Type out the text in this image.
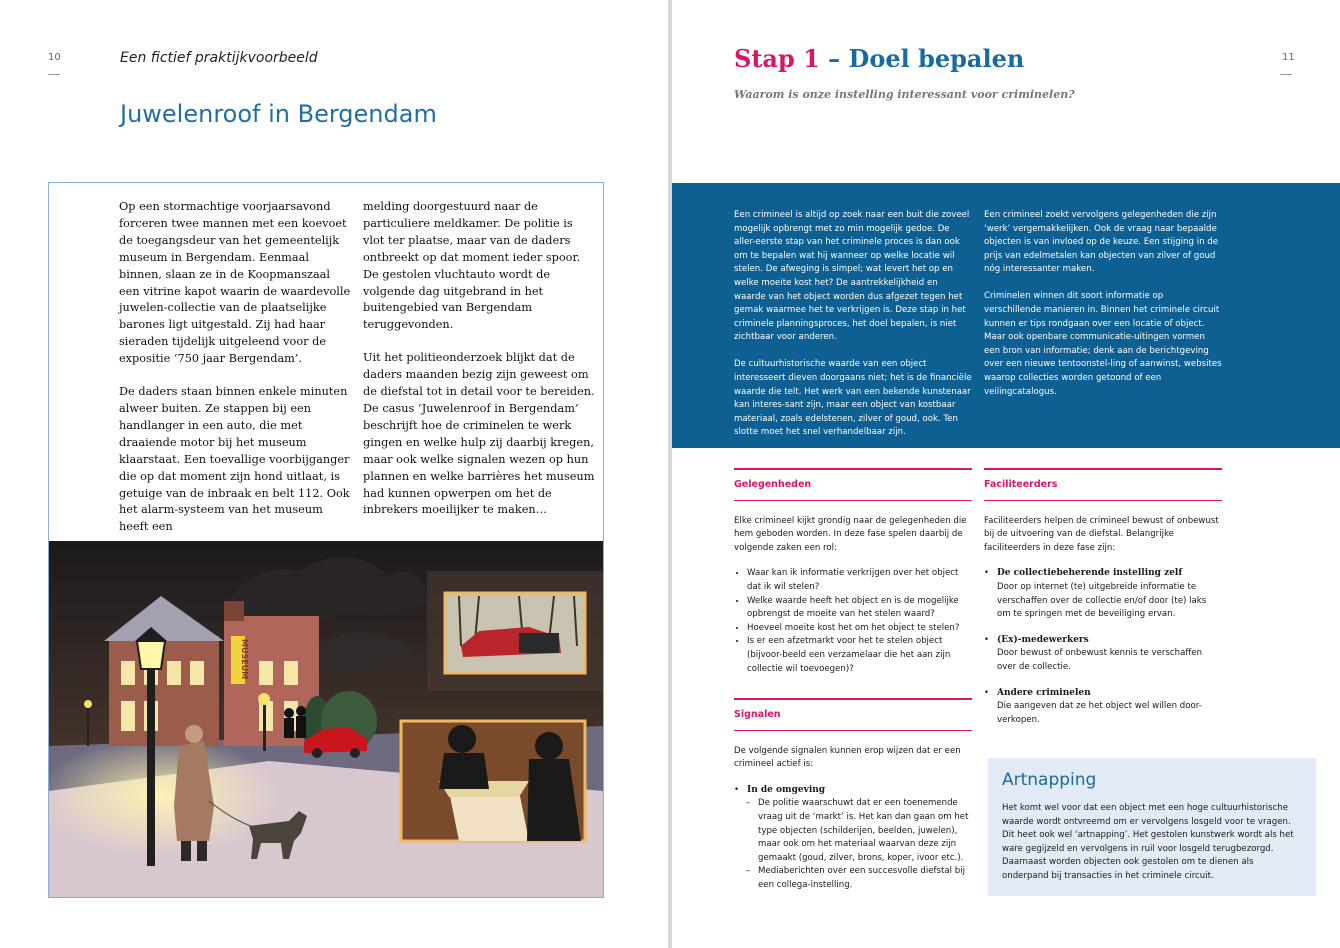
10	Een fictief praktijkvoorbeeld
Juwelenroof in Bergendam

Op een stormachtige voorjaarsavond forceren twee mannen met een koevoet de toegangsdeur van het gemeentelijk museum in Bergendam. Eenmaal binnen, slaan ze in de Koopmanszaal een vitrine kapot waarin de waardevolle juwelen-collectie van de plaatselijke barones ligt uitgestald. Zij had haar sieraden tijdelijk uitgeleend voor de expositie ‘750 jaar Bergendam’.

De daders staan binnen enkele minuten alweer buiten. Ze stappen bij een handlanger in een auto, die met draaiende motor bij het museum klaarstaat. Een toevallige voorbijganger die op dat moment zijn hond uitlaat, is getuige van de inbraak en belt 112. Ook het alarm-systeem van het museum heeft een

melding doorgestuurd naar de particuliere meldkamer. De politie is vlot ter plaatse, maar van de daders ontbreekt op dat moment ieder spoor. De gestolen vluchtauto wordt de volgende dag uitgebrand in het buitengebied van Bergendam teruggevonden.

Uit het politieonderzoek blijkt dat de daders maanden bezig zijn geweest om de diefstal tot in detail voor te bereiden. De casus ‘Juwelenroof in Bergendam’ beschrijft hoe de criminelen te werk gingen en welke hulp zij daarbij kregen, maar ook welke signalen wezen op hun plannen en welke barrières het museum had kunnen opwerpen om het de inbrekers moeilijker te maken…

MUSEUM
Stap 1 – Doel bepalen	11
Waarom is onze instelling interessant voor criminelen?

Een crimineel is altijd op zoek naar een buit die zoveel mogelijk opbrengt met zo min mogelijk gedoe. De aller-eerste stap van het criminele proces is dan ook om te bepalen wat hij wanneer op welke locatie wil stelen. De afweging is simpel; wat levert het op en welke moeite kost het? De aantrekkelijkheid en waarde van het object worden dus afgezet tegen het gemak waarmee het te verkrijgen is. Deze stap in het criminele planningsproces, het doel bepalen, is niet zichtbaar voor anderen.

De cultuurhistorische waarde van een object interesseert dieven doorgaans niet; het is de financiële waarde die telt. Het werk van een bekende kunstenaar kan interes-sant zijn, maar een object van kostbaar materiaal, zoals edelstenen, zilver of goud, ook. Ten slotte moet het snel verhandelbaar zijn.

Een crimineel zoekt vervolgens gelegenheden die zijn ‘werk’ vergemakkelijken. Ook de vraag naar bepaalde objecten is van invloed op de keuze. Een stijging in de prijs van edelmetalen kan objecten van zilver of goud nóg interessanter maken.

Criminelen winnen dit soort informatie op verschillende manieren in. Binnen het criminele circuit kunnen er tips rondgaan over een locatie of object. Maar ook openbare communicatie-uitingen vormen een bron van informatie; denk aan de berichtgeving over een nieuwe tentoonstel-ling of aanwinst, websites waarop collecties worden getoond of een veilingcatalogus.

Gelegenheden

Elke crimineel kijkt grondig naar de gelegenheden die hem geboden worden. In deze fase spelen daarbij de volgende zaken een rol:

• Waar kan ik informatie verkrijgen over het object dat ik wil stelen?
• Welke waarde heeft het object en is de mogelijke opbrengst de moeite van het stelen waard?
• Hoeveel moeite kost het om het object te stelen?
• Is er een afzetmarkt voor het te stelen object (bijvoor-beeld een verzamelaar die het aan zijn collectie wil toevoegen)?
Signalen

De volgende signalen kunnen erop wijzen dat er een crimineel actief is:

• In de omgeving
– De politie waarschuwt dat er een toenemende vraag uit de ‘markt’ is. Het kan dan gaan om het type objecten (schilderijen, beelden, juwelen), maar ook om het materiaal waarvan deze zijn gemaakt (goud, zilver, brons, koper, ivoor etc.).
– Mediaberichten over een succesvolle diefstal bij een collega-instelling.
Faciliteerders

Faciliteerders helpen de crimineel bewust of onbewust bij de uitvoering van de diefstal. Belangrijke faciliteerders in deze fase zijn:

• De collectiebeherende instelling zelf
Door op internet (te) uitgebreide informatie te verschaffen over de collectie en/of door (te) laks om te springen met de beveiliging ervan.
• (Ex)-medewerkers
Door bewust of onbewust kennis te verschaffen over de collectie.
• Andere criminelen
Die aangeven dat ze het object wel willen door-verkopen.
Artnapping

Het komt wel voor dat een object met een hoge cultuurhistorische waarde wordt ontvreemd om er vervolgens losgeld voor te vragen. Dit heet ook wel ‘artnapping’. Het gestolen kunstwerk wordt als het ware gegijzeld en vervolgens in ruil voor losgeld terugbezorgd. Daarnaast worden objecten ook gestolen om te dienen als onderpand bij transacties in het criminele circuit.
